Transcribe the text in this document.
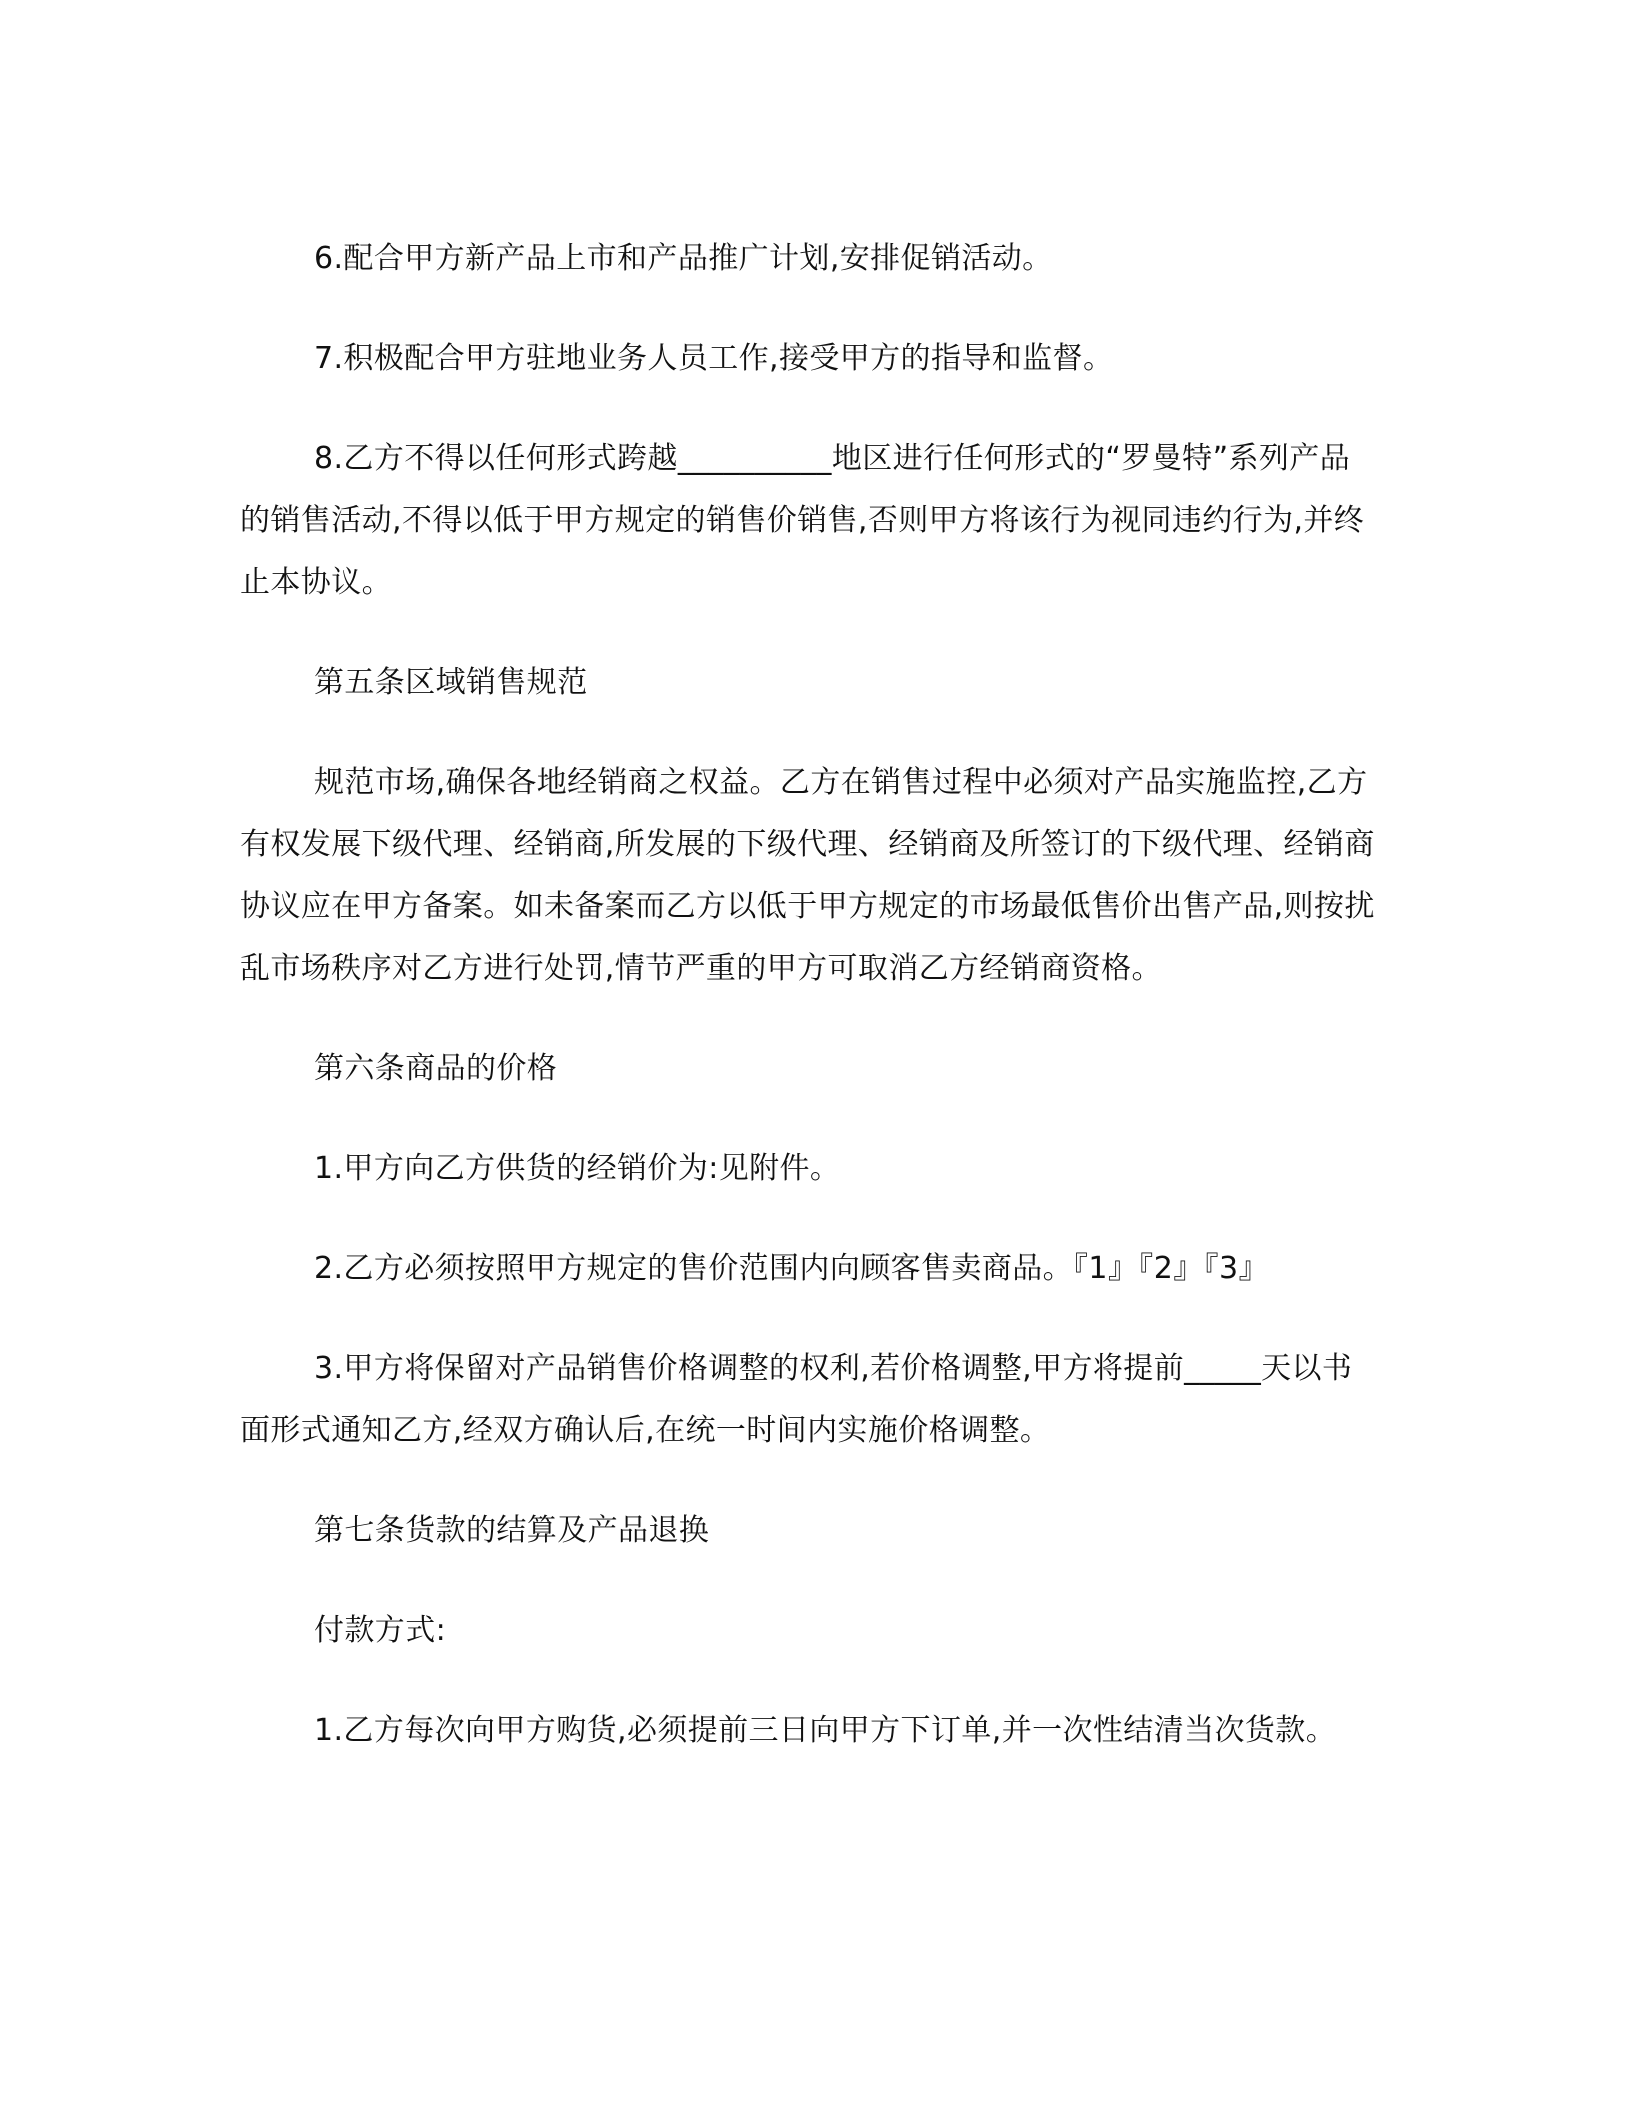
6.配合甲方新产品上市和产品推广计划,安排促销活动。

7.积极配合甲方驻地业务人员工作,接受甲方的指导和监督。

8.乙方不得以任何形式跨越__________地区进行任何形式的“罗曼特”系列产品的销售活动,不得以低于甲方规定的销售价销售,否则甲方将该行为视同违约行为,并终止本协议。

第五条区域销售规范

规范市场,确保各地经销商之权益。乙方在销售过程中必须对产品实施监控,乙方有权发展下级代理、经销商,所发展的下级代理、经销商及所签订的下级代理、经销商协议应在甲方备案。如未备案而乙方以低于甲方规定的市场最低售价出售产品,则按扰乱市场秩序对乙方进行处罚,情节严重的甲方可取消乙方经销商资格。

第六条商品的价格

1.甲方向乙方供货的经销价为:见附件。

2.乙方必须按照甲方规定的售价范围内向顾客售卖商品。『1』『2』『3』

3.甲方将保留对产品销售价格调整的权利,若价格调整,甲方将提前_____天以书面形式通知乙方,经双方确认后,在统一时间内实施价格调整。

第七条货款的结算及产品退换

付款方式:

1.乙方每次向甲方购货,必须提前三日向甲方下订单,并一次性结清当次货款。
